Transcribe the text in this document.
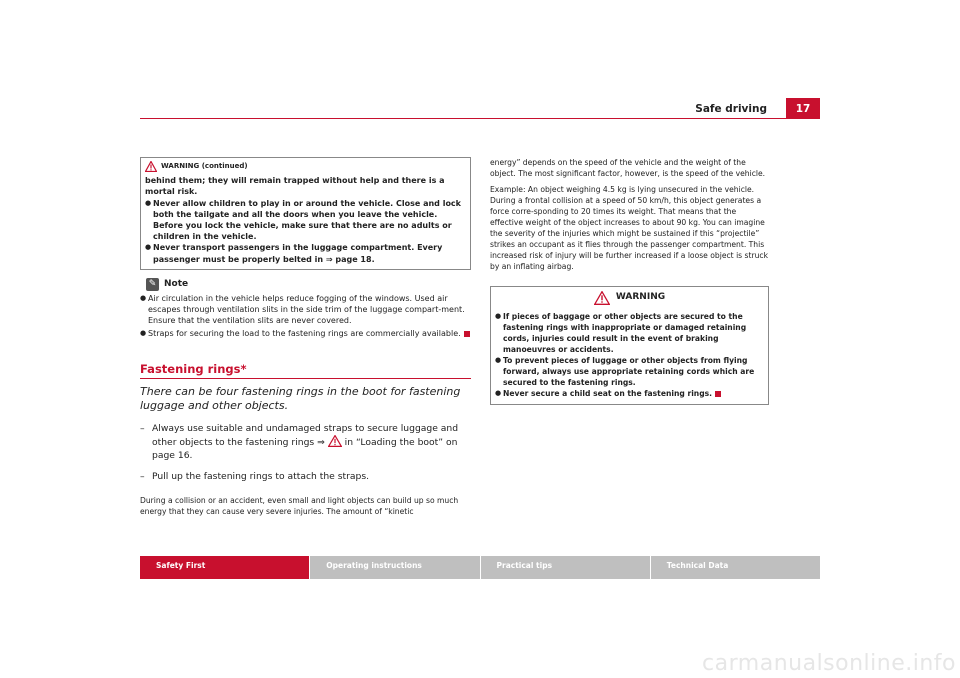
Safe driving	17
WARNING (continued)

behind them; they will remain trapped without help and there is a mortal risk.

● Never allow children to play in or around the vehicle. Close and lock both the tailgate and all the doors when you leave the vehicle. Before you lock the vehicle, make sure that there are no adults or children in the vehicle.

● Never transport passengers in the luggage compartment. Every passenger must be properly belted in ⇒ page 18.

✎ Note

● Air circulation in the vehicle helps reduce fogging of the windows. Used air escapes through ventilation slits in the side trim of the luggage compart-ment. Ensure that the ventilation slits are never covered.

● Straps for securing the load to the fastening rings are commercially available.

Fastening rings*

There can be four fastening rings in the boot for fastening luggage and other objects.

– Always use suitable and undamaged straps to secure luggage and other objects to the fastening rings ⇒
in “Loading the boot” on page 16.
– Pull up the fastening rings to attach the straps.

During a collision or an accident, even small and light objects can build up so much energy that they can cause very severe injuries. The amount of “kinetic

energy” depends on the speed of the vehicle and the weight of the object. The most significant factor, however, is the speed of the vehicle.

Example: An object weighing 4.5 kg is lying unsecured in the vehicle. During a frontal collision at a speed of 50 km/h, this object generates a force corre-sponding to 20 times its weight. That means that the effective weight of the object increases to about 90 kg. You can imagine the severity of the injuries which might be sustained if this “projectile” strikes an occupant as it flies through the passenger compartment. This increased risk of injury will be further increased if a loose object is struck by an inflating airbag.

WARNING

● If pieces of baggage or other objects are secured to the fastening rings with inappropriate or damaged retaining cords, injuries could result in the event of braking manoeuvres or accidents.

● To prevent pieces of luggage or other objects from flying forward, always use appropriate retaining cords which are secured to the fastening rings.

● Never secure a child seat on the fastening rings.

Safety First	Operating instructions	Practical tips	Technical Data
carmanualsonline.info
